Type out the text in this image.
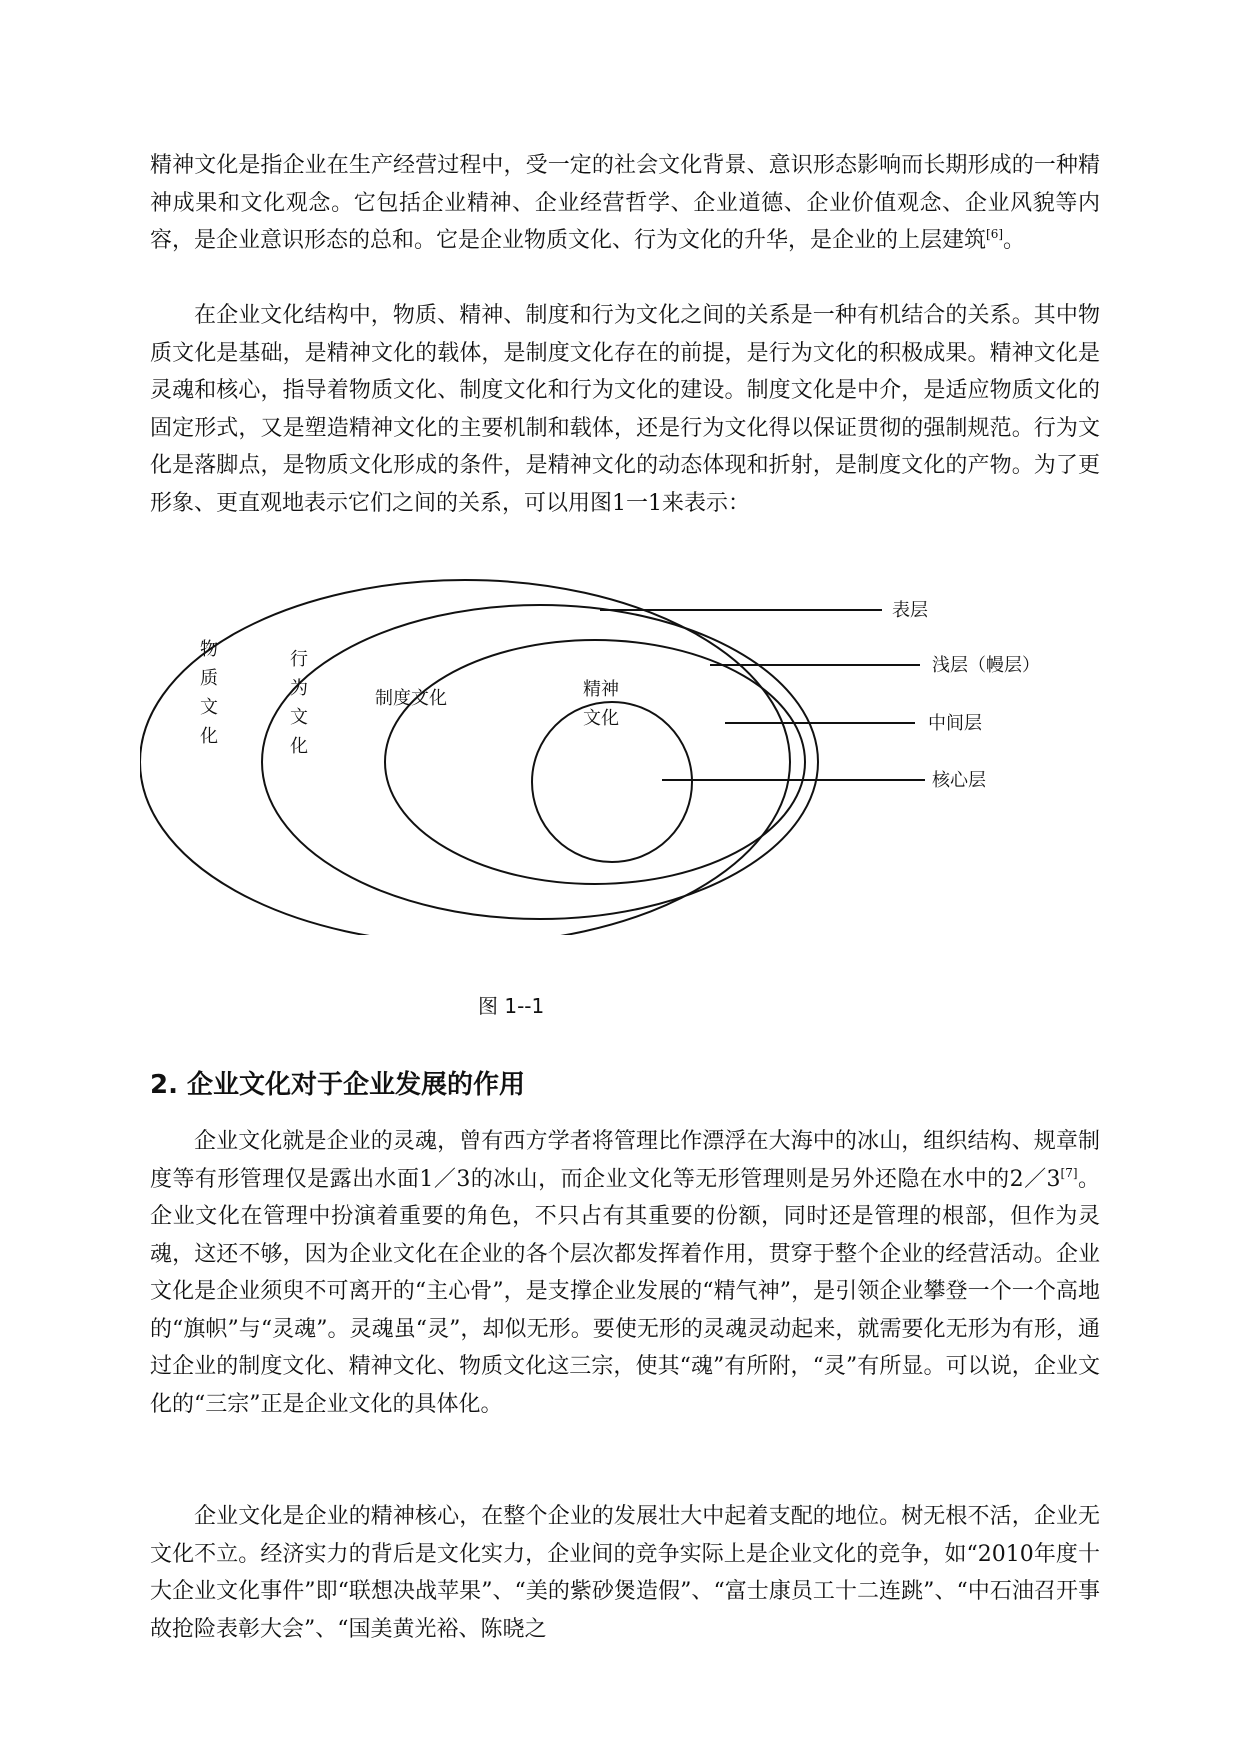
精神文化是指企业在生产经营过程中，受一定的社会文化背景、意识形态影响而长期形成的一种精神成果和文化观念。它包括企业精神、企业经营哲学、企业道德、企业价值观念、企业风貌等内容，是企业意识形态的总和。它是企业物质文化、行为文化的升华，是企业的上层建筑[6]。

在企业文化结构中，物质、精神、制度和行为文化之间的关系是一种有机结合的关系。其中物质文化是基础，是精神文化的载体，是制度文化存在的前提，是行为文化的积极成果。精神文化是灵魂和核心，指导着物质文化、制度文化和行为文化的建设。制度文化是中介，是适应物质文化的固定形式，又是塑造精神文化的主要机制和载体，还是行为文化得以保证贯彻的强制规范。行为文化是落脚点，是物质文化形成的条件，是精神文化的动态体现和折射，是制度文化的产物。为了更形象、更直观地表示它们之间的关系，可以用图1一1来表示：

表层
浅层（幔层）
中间层
核心层
物
质
文
化
行
为
文
化
制度文化	精神
文化
图 1--1
2. 企业文化对于企业发展的作用

企业文化就是企业的灵魂，曾有西方学者将管理比作漂浮在大海中的冰山，组织结构、规章制度等有形管理仅是露出水面1／3的冰山，而企业文化等无形管理则是另外还隐在水中的2／3[7]。企业文化在管理中扮演着重要的角色，不只占有其重要的份额，同时还是管理的根部，但作为灵魂，这还不够，因为企业文化在企业的各个层次都发挥着作用，贯穿于整个企业的经营活动。企业文化是企业须臾不可离开的“主心骨”，是支撑企业发展的“精气神”，是引领企业攀登一个一个高地的“旗帜”与“灵魂”。灵魂虽“灵”，却似无形。要使无形的灵魂灵动起来，就需要化无形为有形，通过企业的制度文化、精神文化、物质文化这三宗，使其“魂”有所附，“灵”有所显。可以说，企业文化的“三宗”正是企业文化的具体化。

企业文化是企业的精神核心，在整个企业的发展壮大中起着支配的地位。树无根不活，企业无文化不立。经济实力的背后是文化实力，企业间的竞争实际上是企业文化的竞争，如“2010年度十大企业文化事件”即“联想决战苹果”、“美的紫砂煲造假”、“富士康员工十二连跳”、“中石油召开事故抢险表彰大会”、“国美黄光裕、陈晓之
